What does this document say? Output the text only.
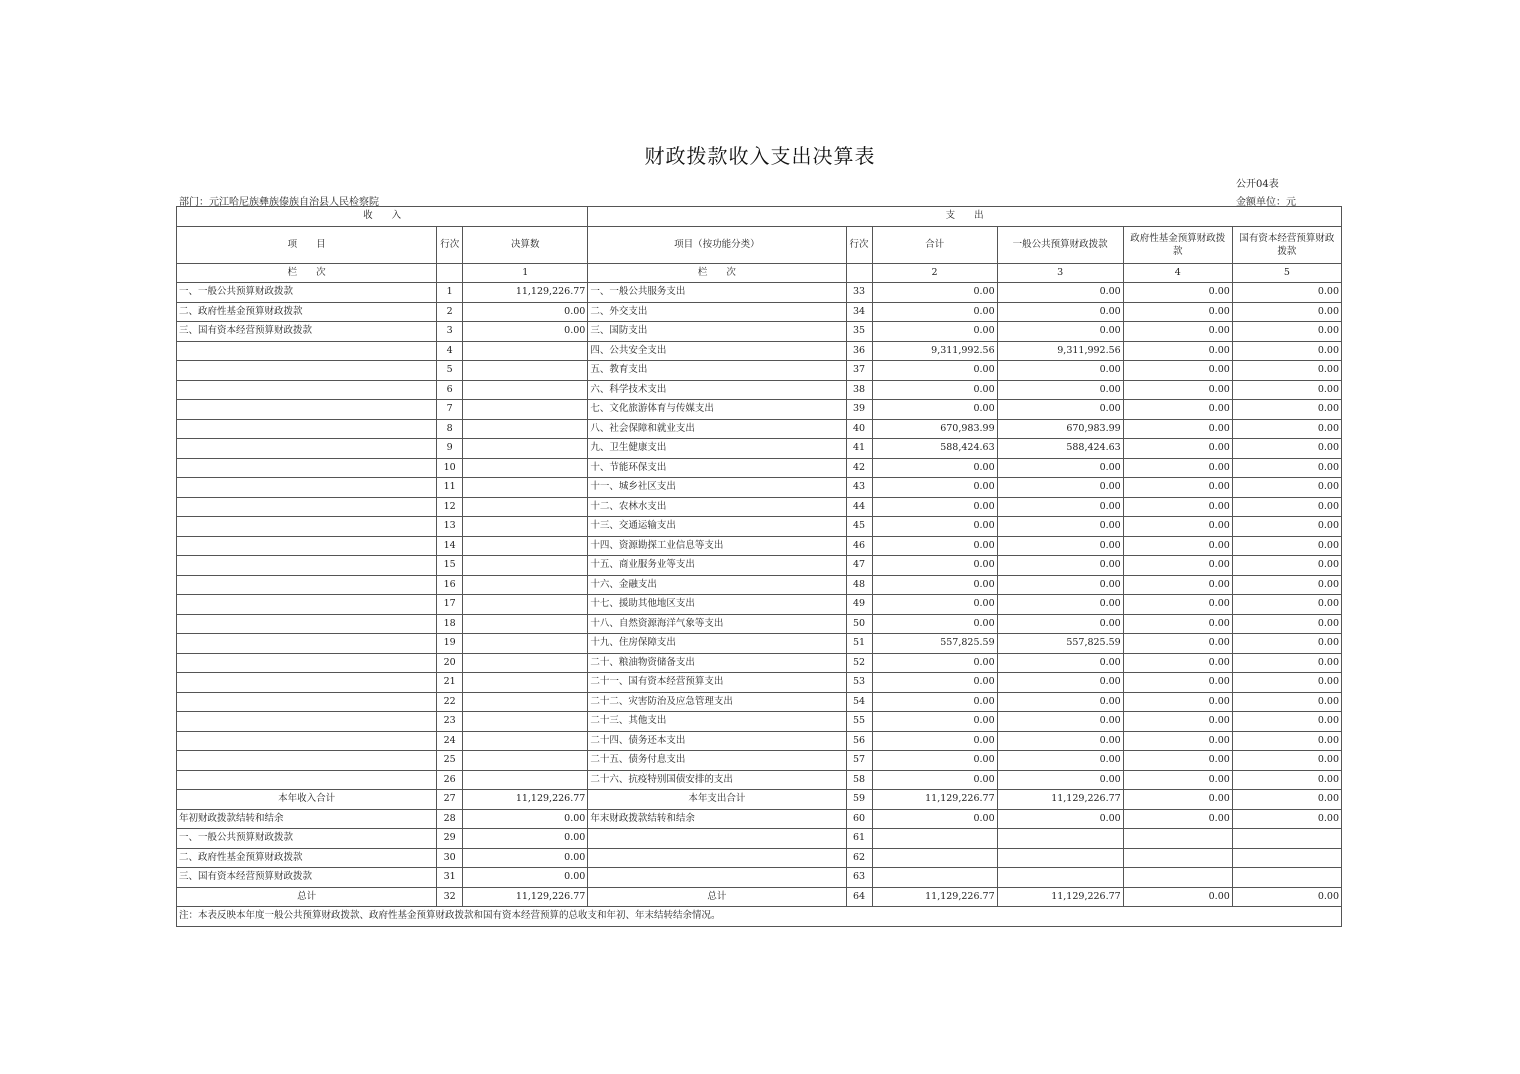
财政拨款收入支出决算表
公开04表
部门：元江哈尼族彝族傣族自治县人民检察院	金额单位：元
收　　入			支　　出					
项　　目	行次	决算数	项目（按功能分类）	行次	合计	一般公共预算财政拨款	政府性基金预算财政拨款	国有资本经营预算财政拨款
栏　　次		1	栏　　次		2	3	4	5
一、一般公共预算财政拨款	1	11,129,226.77	一、一般公共服务支出	33	0.00	0.00	0.00	0.00
二、政府性基金预算财政拨款	2	0.00	二、外交支出	34	0.00	0.00	0.00	0.00
三、国有资本经营预算财政拨款	3	0.00	三、国防支出	35	0.00	0.00	0.00	0.00
	4		四、公共安全支出	36	9,311,992.56	9,311,992.56	0.00	0.00
	5		五、教育支出	37	0.00	0.00	0.00	0.00
	6		六、科学技术支出	38	0.00	0.00	0.00	0.00
	7		七、文化旅游体育与传媒支出	39	0.00	0.00	0.00	0.00
	8		八、社会保障和就业支出	40	670,983.99	670,983.99	0.00	0.00
	9		九、卫生健康支出	41	588,424.63	588,424.63	0.00	0.00
	10		十、节能环保支出	42	0.00	0.00	0.00	0.00
	11		十一、城乡社区支出	43	0.00	0.00	0.00	0.00
	12		十二、农林水支出	44	0.00	0.00	0.00	0.00
	13		十三、交通运输支出	45	0.00	0.00	0.00	0.00
	14		十四、资源勘探工业信息等支出	46	0.00	0.00	0.00	0.00
	15		十五、商业服务业等支出	47	0.00	0.00	0.00	0.00
	16		十六、金融支出	48	0.00	0.00	0.00	0.00
	17		十七、援助其他地区支出	49	0.00	0.00	0.00	0.00
	18		十八、自然资源海洋气象等支出	50	0.00	0.00	0.00	0.00
	19		十九、住房保障支出	51	557,825.59	557,825.59	0.00	0.00
	20		二十、粮油物资储备支出	52	0.00	0.00	0.00	0.00
	21		二十一、国有资本经营预算支出	53	0.00	0.00	0.00	0.00
	22		二十二、灾害防治及应急管理支出	54	0.00	0.00	0.00	0.00
	23		二十三、其他支出	55	0.00	0.00	0.00	0.00
	24		二十四、债务还本支出	56	0.00	0.00	0.00	0.00
	25		二十五、债务付息支出	57	0.00	0.00	0.00	0.00
	26		二十六、抗疫特别国债安排的支出	58	0.00	0.00	0.00	0.00
本年收入合计	27	11,129,226.77	本年支出合计	59	11,129,226.77	11,129,226.77	0.00	0.00
年初财政拨款结转和结余	28	0.00	年末财政拨款结转和结余	60	0.00	0.00	0.00	0.00
一、一般公共预算财政拨款	29	0.00		61				
二、政府性基金预算财政拨款	30	0.00		62				
三、国有资本经营预算财政拨款	31	0.00		63				
总计	32	11,129,226.77	总计	64	11,129,226.77	11,129,226.77	0.00	0.00
注：本表反映本年度一般公共预算财政拨款、政府性基金预算财政拨款和国有资本经营预算的总收支和年初、年末结转结余情况。								
